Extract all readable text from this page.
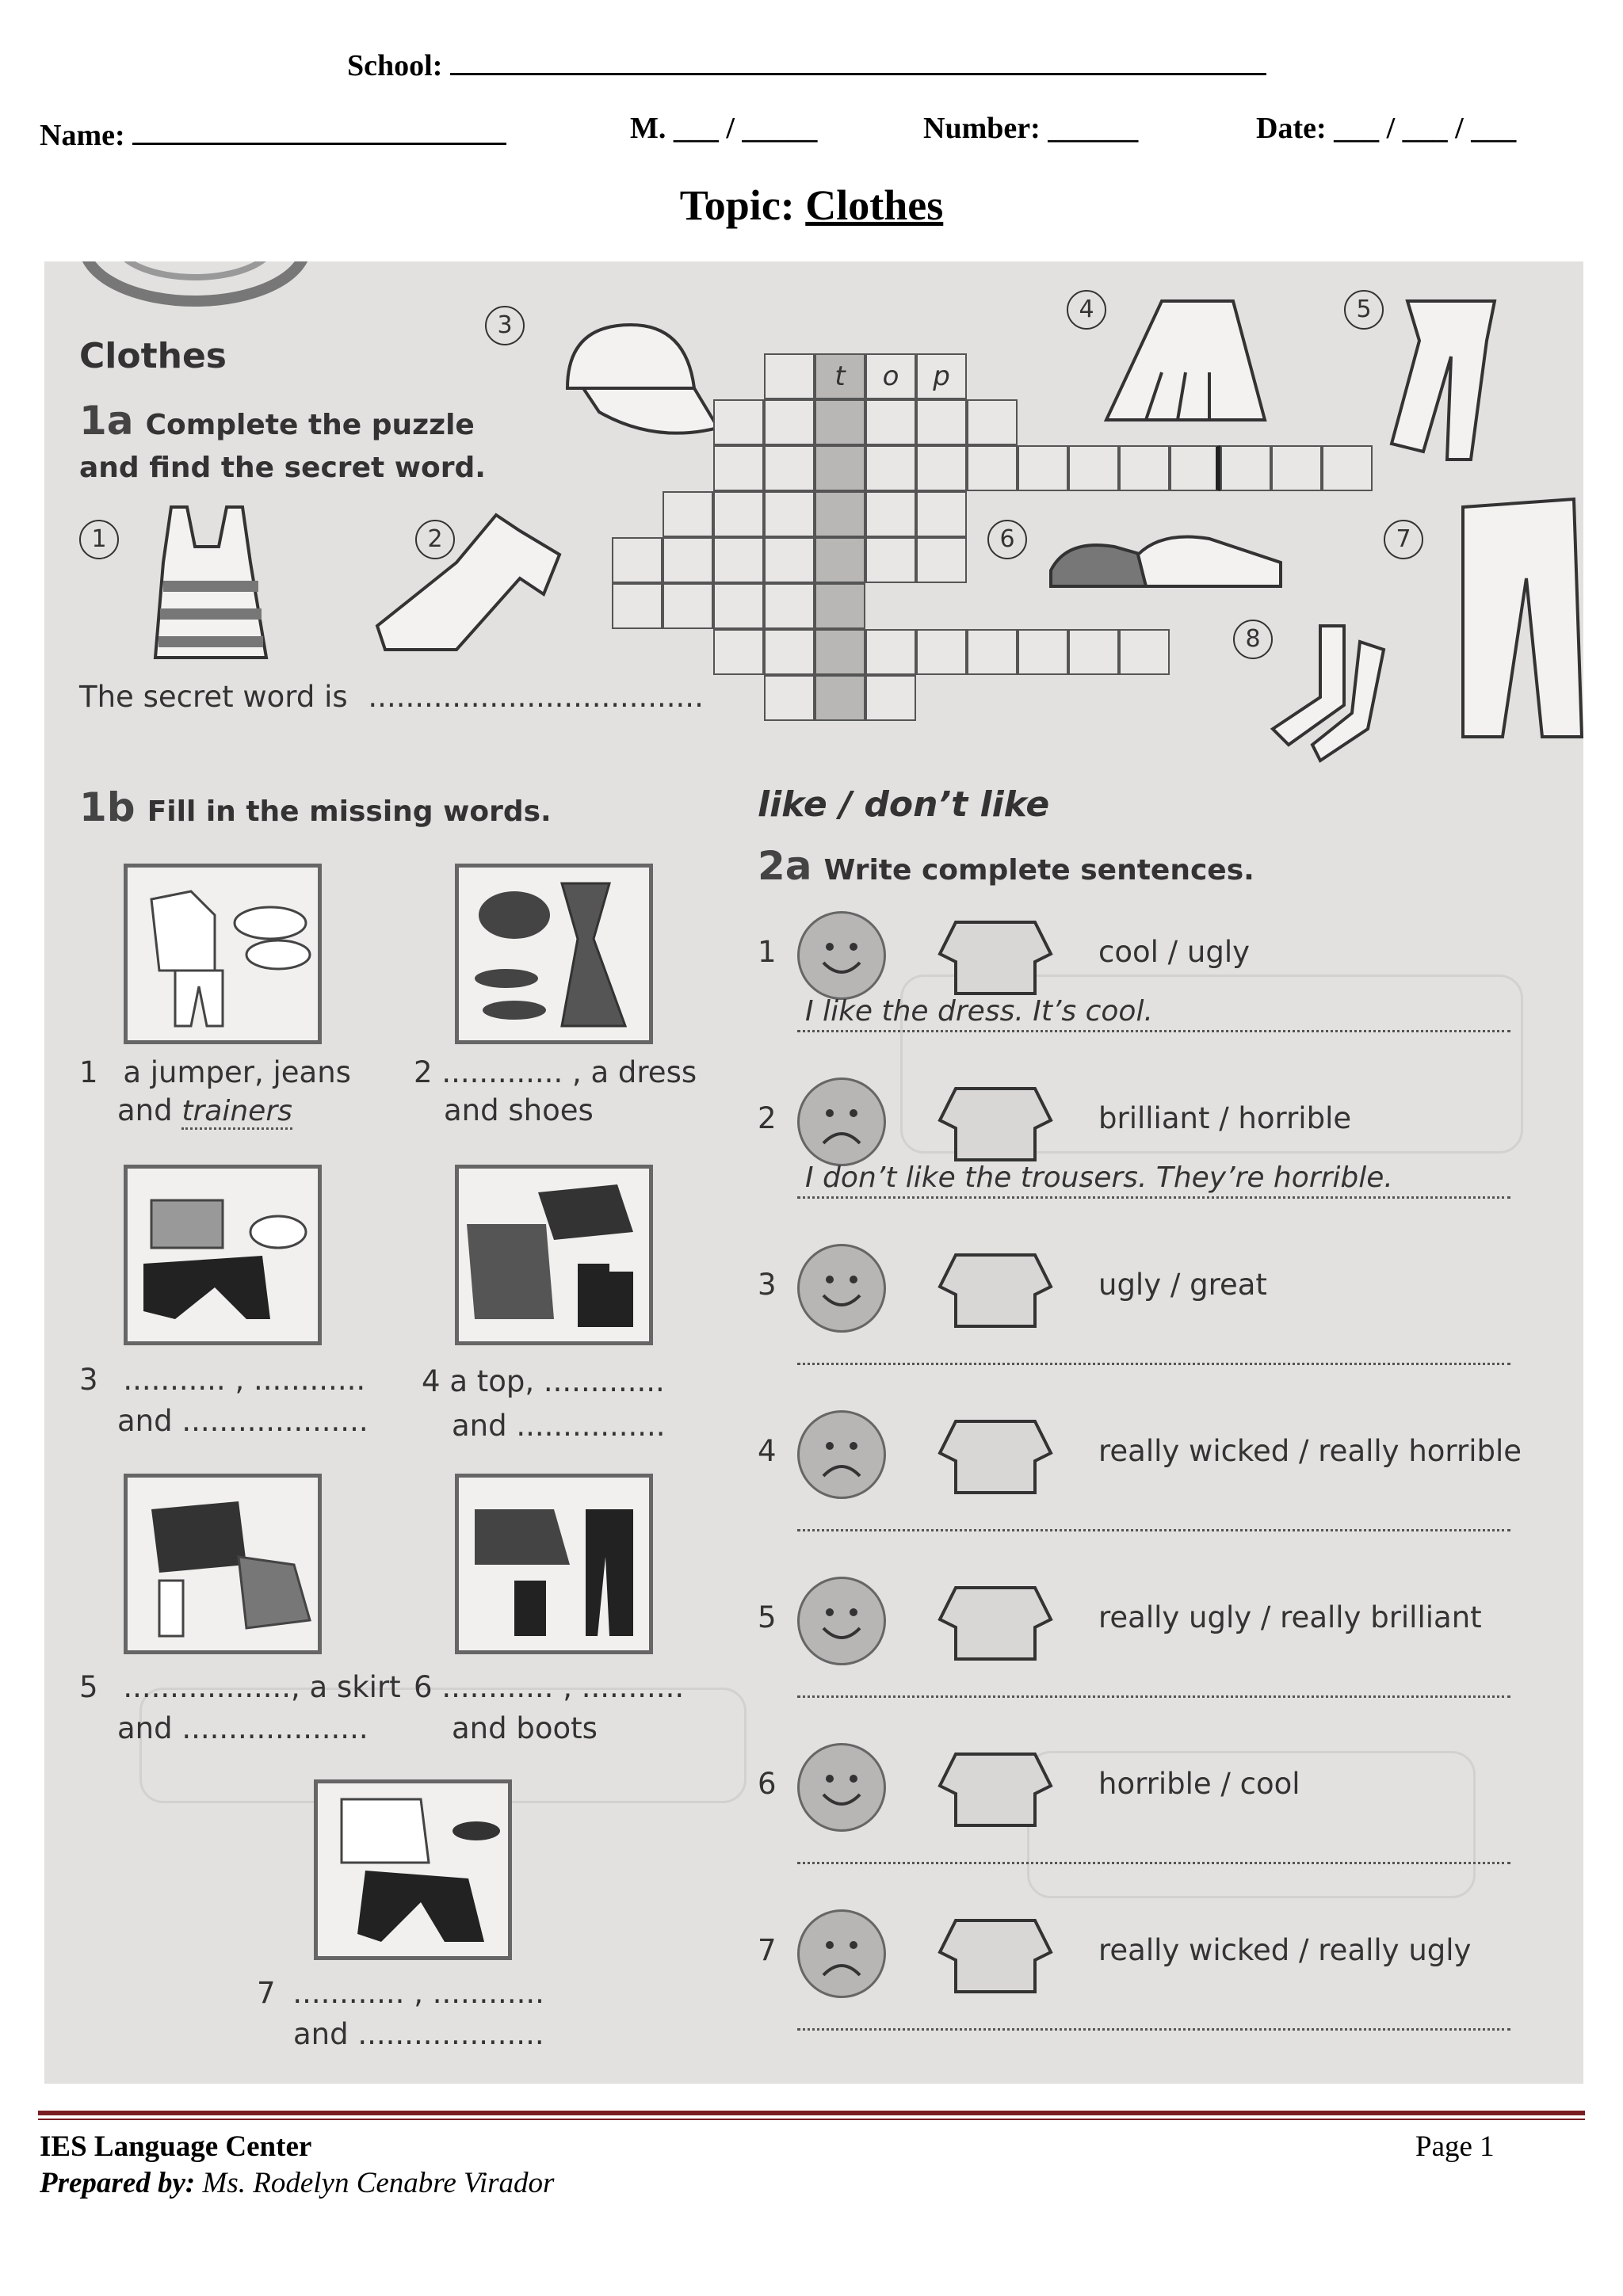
School:
Name:	M. ___ / _____	Number: ______	Date: ___ / ___ / ___
Topic: Clothes
Clothes
1a Complete the puzzle
and find the secret word.
1	2
3
4	5
6	7
8
t	o	p
The secret word is ....................................
1b Fill in the missing words.
1 a jumper, jeans
and trainers
2 ............. , a dress
and shoes
3 ........... , ............
and ....................
4 a top, .............
and ................
5 .................., a skirt
and ....................
6 ............ , ...........
and boots
7 ............ , ............
and ....................
like / don’t like
2a Write complete sentences.
1	cool / ugly
I like the dress. It’s cool.
2	brilliant / horrible
I don’t like the trousers. They’re horrible.
3	ugly / great
4	really wicked / really horrible
5	really ugly / really brilliant
6	horrible / cool
7	really wicked / really ugly
IES Language Center
Prepared by: Ms. Rodelyn Cenabre Virador
Page 1
